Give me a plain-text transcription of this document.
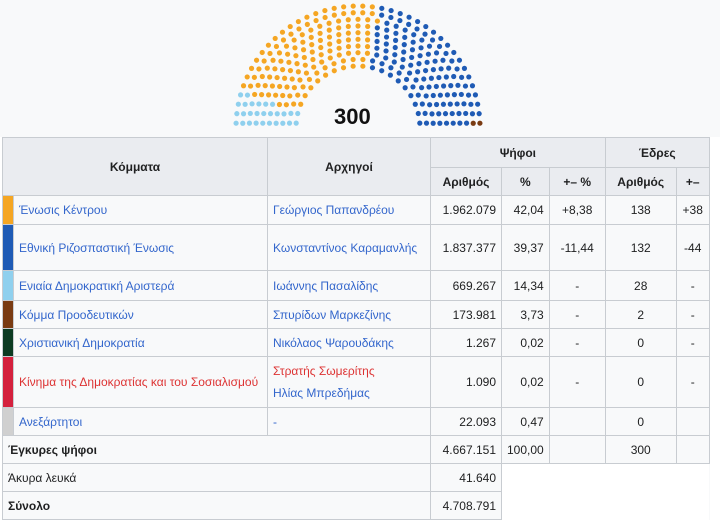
300
Κόμματα		Αρχηγοί	Ψήφοι			Έδρες	
			Αριθμός	%	+– %	Αριθμός	+–
	Ένωσις Κέντρου	Γεώργιος Παπανδρέου	1.962.079	42,04	+8,38	138	+38
	Εθνική Ριζοσπαστική Ένωσις	Κωνσταντίνος Καραμανλής	1.837.377	39,37	-11,44	132	-44
	Ενιαία Δημοκρατική Αριστερά	Ιωάννης Πασαλίδης	669.267	14,34	-	28	-
	Κόμμα Προοδευτικών	Σπυρίδων Μαρκεζίνης	173.981	3,73	-	2	-
	Χριστιανική Δημοκρατία	Νικόλαος Ψαρουδάκης	1.267	0,02	-	0	-
	Κίνημα της Δημοκρατίας και του Σοσιαλισμού	Στρατής Σωμερίτης
Ηλίας Μπρεδήμας	1.090	0,02	-	0	-
	Ανεξάρτητοι	-	22.093	0,47		0	
Έγκυρες ψήφοι			4.667.151	100,00		300	
Άκυρα λευκά			41.640				
Σύνολο			4.708.791				
